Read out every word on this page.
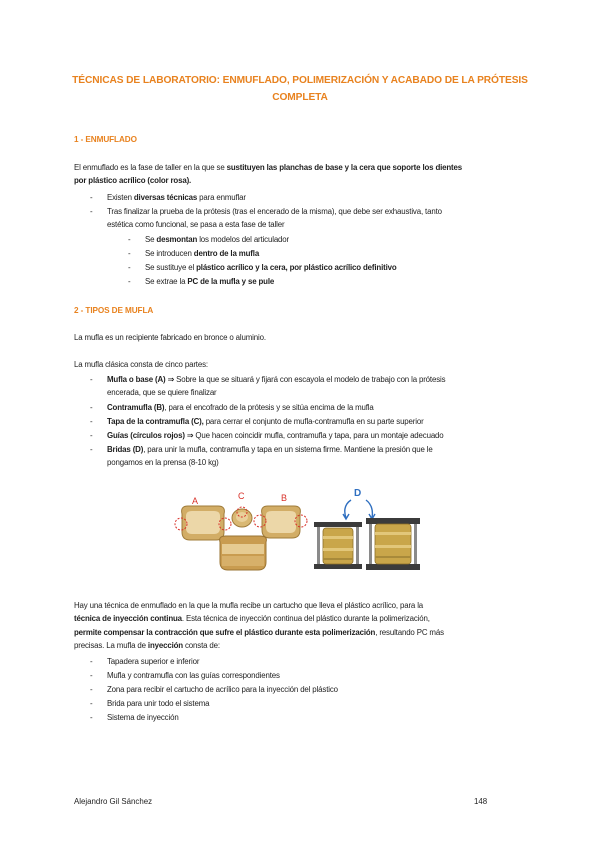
TÉCNICAS DE LABORATORIO: ENMUFLADO, POLIMERIZACIÓN Y ACABADO DE LA PRÓTESIS
COMPLETA
1 - ENMUFLADO
El enmuflado es la fase de taller en la que se sustituyen las planchas de base y la cera que soporte los dientes
por plástico acrílico (color rosa).
- Existen diversas técnicas para enmuflar
- Tras finalizar la prueba de la prótesis (tras el encerado de la misma), que debe ser exhaustiva, tanto
estética como funcional, se pasa a esta fase de taller
- Se desmontan los modelos del articulador
- Se introducen dentro de la mufla
- Se sustituye el plástico acrílico y la cera, por plástico acrílico definitivo
- Se extrae la PC de la mufla y se pule
2 - TIPOS DE MUFLA
La mufla es un recipiente fabricado en bronce o aluminio.
La mufla clásica consta de cinco partes:
- Mufla o base (A) ⇒ Sobre la que se situará y fijará con escayola el modelo de trabajo con la prótesis
encerada, que se quiere finalizar
- Contramufla (B), para el encofrado de la prótesis y se sitúa encima de la mufla
- Tapa de la contramufla (C), para cerrar el conjunto de mufla-contramufla en su parte superior
- Guías (círculos rojos) ⇒ Que hacen coincidir mufla, contramufla y tapa, para un montaje adecuado
- Bridas (D), para unir la mufla, contramufla y tapa en un sistema firme. Mantiene la presión que le
pongamos en la prensa (8-10 kg)
A	C	B	D
Hay una técnica de enmuflado en la que la mufla recibe un cartucho que lleva el plástico acrílico, para la
técnica de inyección continua. Esta técnica de inyección continua del plástico durante la polimerización,
permite compensar la contracción que sufre el plástico durante esta polimerización, resultando PC más
precisas. La mufla de inyección consta de:
- Tapadera superior e inferior
- Mufla y contramufla con las guías correspondientes
- Zona para recibir el cartucho de acrílico para la inyección del plástico
- Brida para unir todo el sistema
- Sistema de inyección
Alejandro Gil Sánchez	148
